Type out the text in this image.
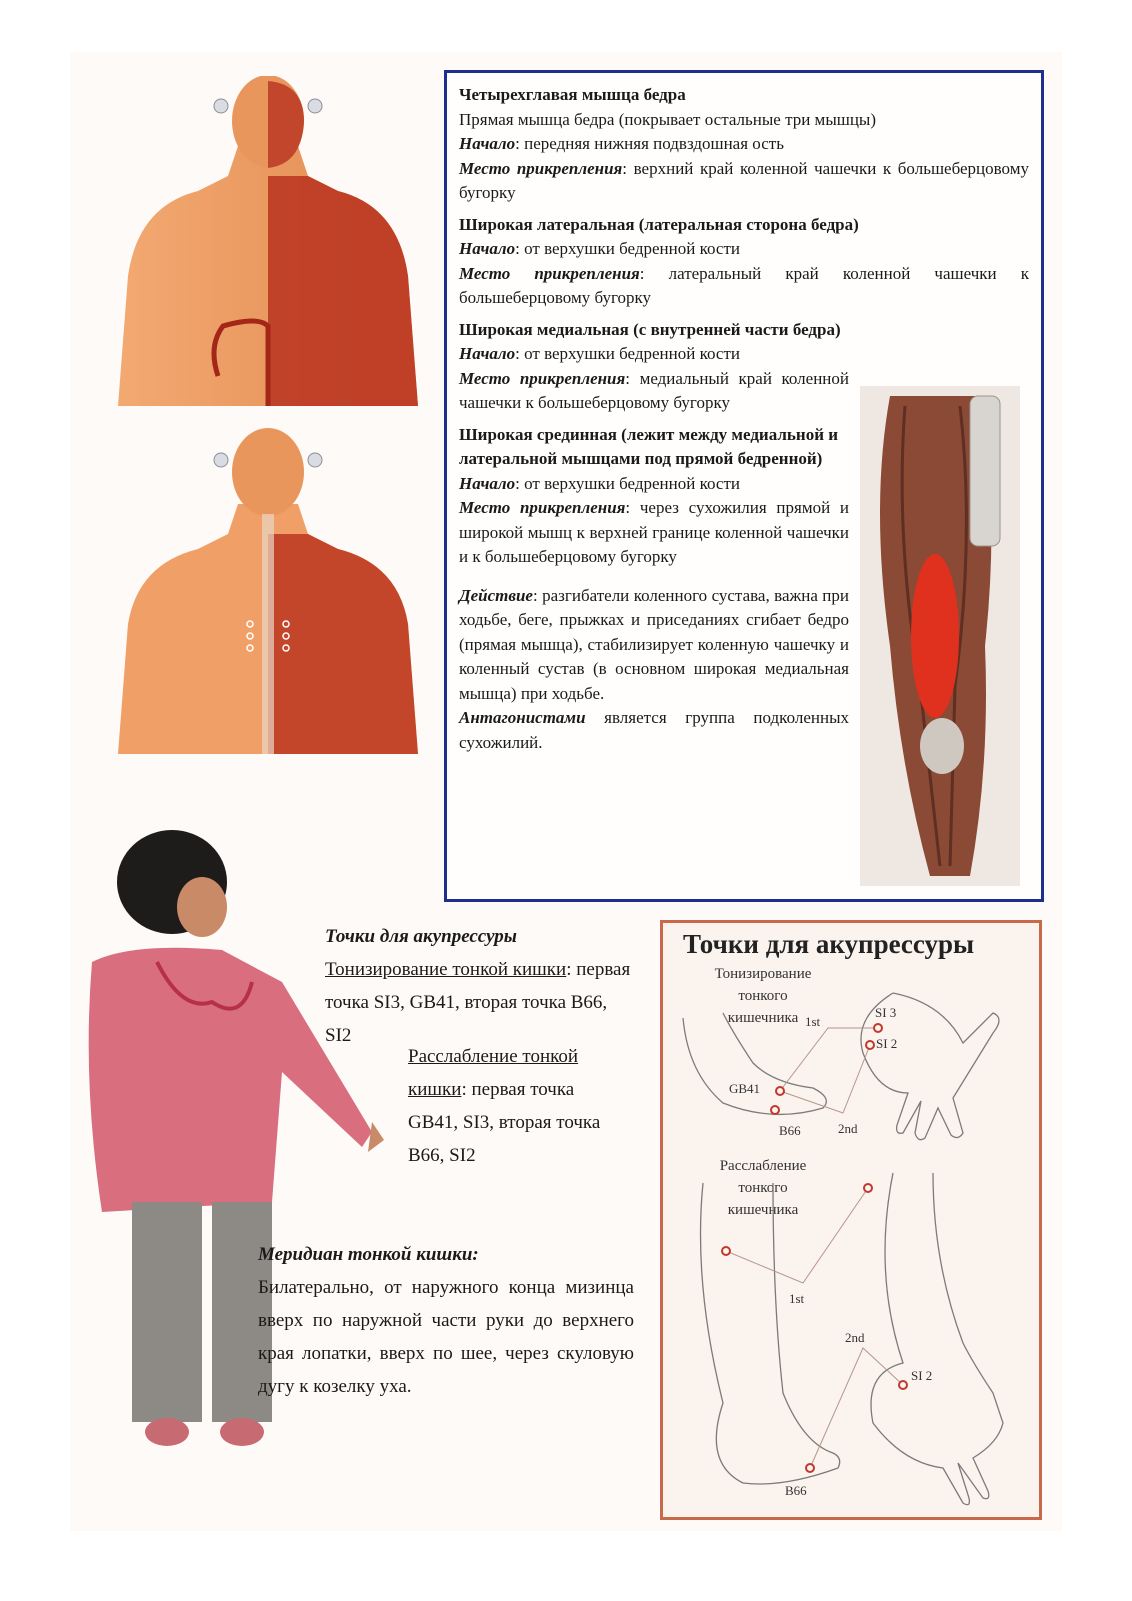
Четырехглавая мышца бедра

Прямая мышца бедра (покрывает остальные три мышцы)

Начало: передняя нижняя подвздошная ость

Место прикрепления: верхний край коленной чашечки к большеберцовому бугорку

Широкая латеральная (латеральная сторона бедра)

Начало: от верхушки бедренной кости

Место прикрепления: латеральный край коленной чашечки к большеберцовому бугорку

Широкая медиальная (с внутренней части бедра)

Начало: от верхушки бедренной кости

Место прикрепления: медиальный край коленной чашечки к большеберцовому бугорку

Широкая срединная (лежит между медиальной и латеральной мышцами под прямой бедренной)

Начало: от верхушки бедренной кости

Место прикрепления: через сухожилия прямой и широкой мышц к верхней границе коленной чашечки и к большеберцовому бугорку

Действие: разгибатели коленного сустава, важна при ходьбе, беге, прыжках и приседаниях сгибает бедро (прямая мышца), стабилизирует коленную чашечку и коленный сустав (в основном широкая медиальная мышца) при ходьбе.

Антагонистами является группа подколенных сухожилий.

Точки для акупрессуры
Тонизирование тонкой кишки: первая точка SI3, GB41, вторая точка B66, SI2
Расслабление тонкой кишки: первая точка GB41, SI3, вторая точка B66, SI2
Меридиан тонкой кишки:
Билатерально, от наружного конца мизинца вверх по наружной части руки до верхнего края лопатки, вверх по шее, через скуловую дугу к козелку уха.
Точки для акупрессуры
Тонизирование тонкого кишечника
Расслабление тонкого кишечника
SI 3
SI 2
1st
GB41
B66	2nd
1st
2nd
SI 2
B66
